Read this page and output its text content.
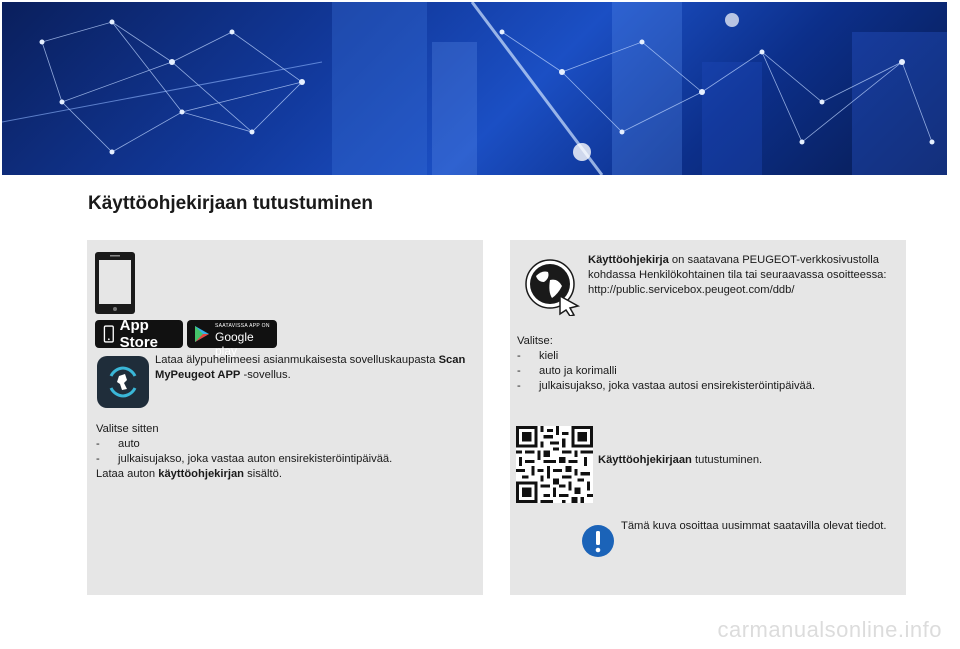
Käyttöohjekirjaan tutustuminen
App Store
SAATAVISSA APP ON
Google play
Lataa älypuhelimeesi asianmukaisesta sovelluskaupasta Scan
MyPeugeot APP -sovellus.
Valitse sitten
-	auto
-	julkaisujakso, joka vastaa auton ensirekisteröintipäivää.
Lataa auton käyttöohjekirjan sisältö.
Käyttöohjekirja on saatavana PEUGEOT-verkkosivustolla
kohdassa Henkilökohtainen tila tai seuraavassa osoitteessa:
http://public.servicebox.peugeot.com/ddb/
Valitse:
-	kieli
-	auto ja korimalli
-	julkaisujakso, joka vastaa autosi ensirekisteröintipäivää.
Käyttöohjekirjaan tutustuminen.
Tämä kuva osoittaa uusimmat saatavilla olevat tiedot.
carmanualsonline.info
